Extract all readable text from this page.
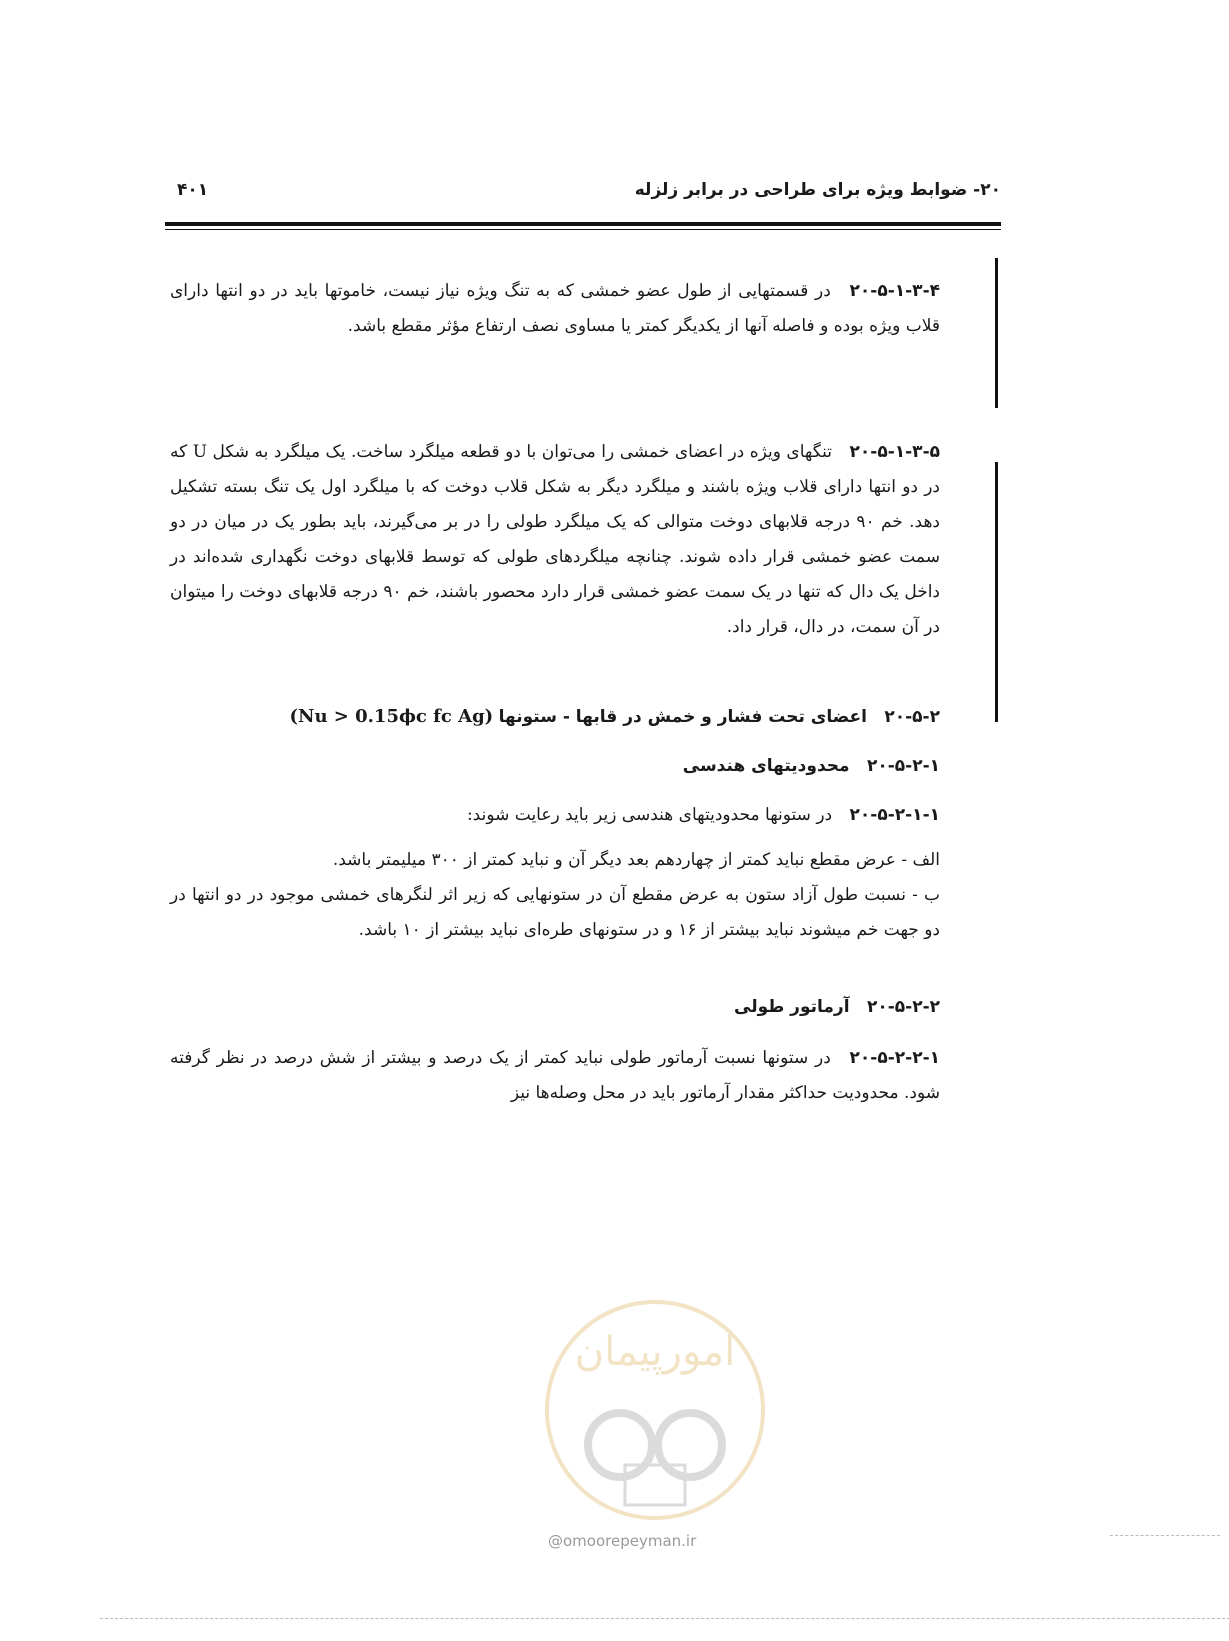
۴۰۱	۲۰- ضوابط ویژه برای طراحی در برابر زلزله

۲۰-۵-۱-۳-۴ در قسمتهایی از طول عضو خمشی که به تنگ ویژه نیاز نیست، خاموتها باید در دو انتها دارای قلاب ویژه بوده و فاصله آنها از یکدیگر کمتر یا مساوی نصف ارتفاع مؤثر مقطع باشد.

۲۰-۵-۱-۳-۵ تنگهای ویژه در اعضای خمشی را می‌توان با دو قطعه میلگرد ساخت. یک میلگرد به شکل U که در دو انتها دارای قلاب ویژه باشند و میلگرد دیگر به شکل قلاب دوخت که با میلگرد اول یک تنگ بسته تشکیل دهد. خم ۹۰ درجه قلابهای دوخت متوالی که یک میلگرد طولی را در بر می‌گیرند، باید بطور یک در میان در دو سمت عضو خمشی قرار داده شوند. چنانچه میلگردهای طولی که توسط قلابهای دوخت نگهداری شده‌اند در داخل یک دال که تنها در یک سمت عضو خمشی قرار دارد محصور باشند، خم ۹۰ درجه قلابهای دوخت را میتوان در آن سمت، در دال، قرار داد.

۲۰-۵-۲ اعضای تحت فشار و خمش در قابها - ستونها (Nu > 0.15ϕc fc Ag)

۲۰-۵-۲-۱ محدودیتهای هندسی

۲۰-۵-۲-۱-۱ در ستونها محدودیتهای هندسی زیر باید رعایت شوند:

الف - عرض مقطع نباید کمتر از چهاردهم بعد دیگر آن و نباید کمتر از ۳۰۰ میلیمتر باشد.

ب - نسبت طول آزاد ستون به عرض مقطع آن در ستونهایی که زیر اثر لنگرهای خمشی موجود در دو انتها در دو جهت خم میشوند نباید بیشتر از ۱۶ و در ستونهای طره‌ای نباید بیشتر از ۱۰ باشد.

۲۰-۵-۲-۲ آرماتور طولی

۲۰-۵-۲-۲-۱ در ستونها نسبت آرماتور طولی نباید کمتر از یک درصد و بیشتر از شش درصد در نظر گرفته شود. محدودیت حداکثر مقدار آرماتور باید در محل وصله‌ها نیز

امورپیمان
@omoorepeyman.ir
